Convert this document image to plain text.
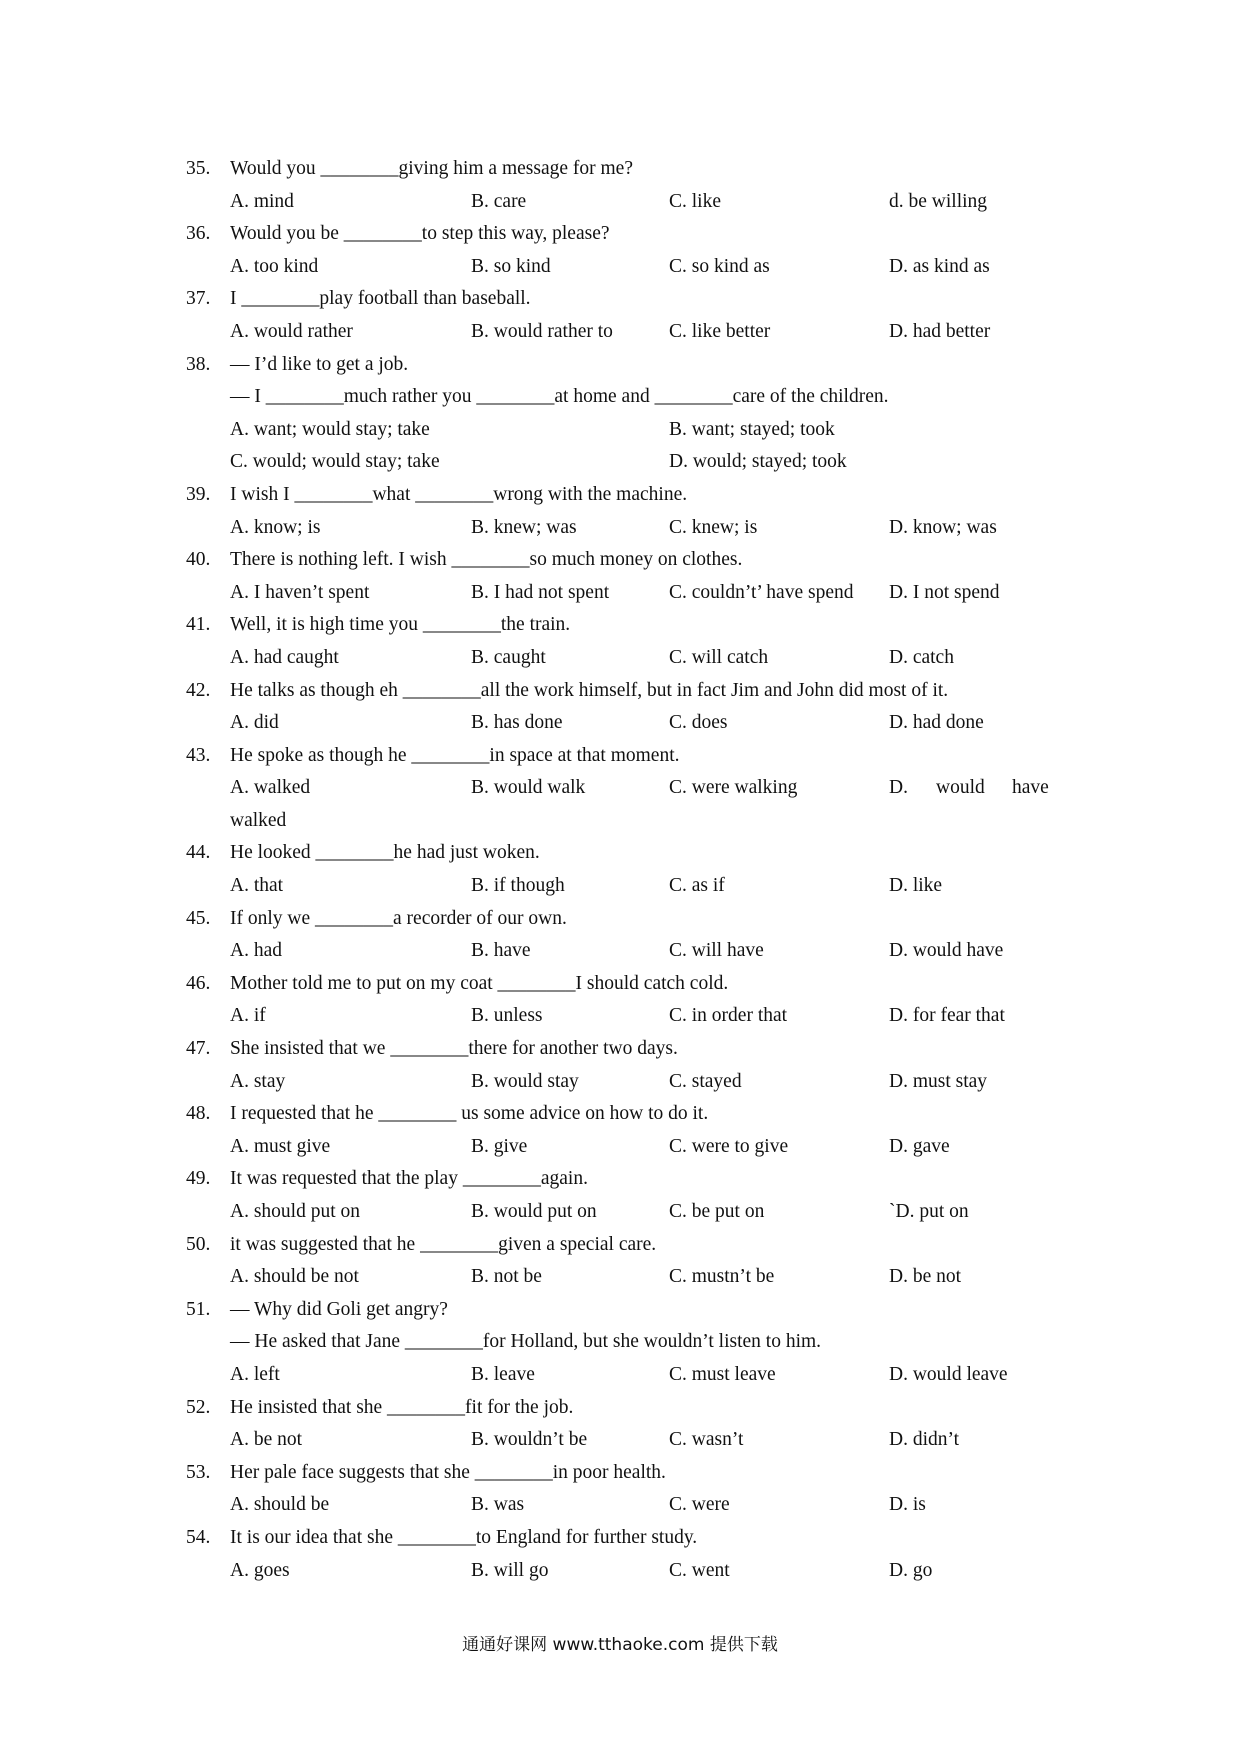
35. Would you ________giving him a message for me?
A. mind	B. care	C. like	d. be willing
36. Would you be ________to step this way, please?
A. too kind	B. so kind	C. so kind as	D. as kind as
37. I ________play football than baseball.
A. would rather	B. would rather to	C. like better	D. had better
38. — I’d like to get a job.
— I ________much rather you ________at home and ________care of the children.
A. want; would stay; take	B. want; stayed; took
C. would; would stay; take	D. would; stayed; took
39. I wish I ________what ________wrong with the machine.
A. know; is	B. knew; was	C. knew; is	D. know; was
40. There is nothing left. I wish ________so much money on clothes.
A. I haven’t spent	B. I had not spent	C. couldn’t’ have spend D. I not spend
41. Well, it is high time you ________the train.
A. had caught	B. caught	C. will catch	D. catch
42. He talks as though eh ________all the work himself, but in fact Jim and John did most of it.
A. did	B. has done	C. does	D. had done
43. He spoke as though he ________in space at that moment.
A. walked	B. would walk	C. were walking	D. would have
walked
44. He looked ________he had just woken.
A. that	B. if though	C. as if	D. like
45. If only we ________a recorder of our own.
A. had	B. have	C. will have	D. would have
46. Mother told me to put on my coat ________I should catch cold.
A. if	B. unless	C. in order that	D. for fear that
47. She insisted that we ________there for another two days.
A. stay	B. would stay	C. stayed	D. must stay
48. I requested that he ________ us some advice on how to do it.
A. must give	B. give	C. were to give	D. gave
49. It was requested that the play ________again.
A. should put on	B. would put on	C. be put on	`D. put on
50. it was suggested that he ________given a special care.
A. should be not	B. not be	C. mustn’t be	D. be not
51. — Why did Goli get angry?
— He asked that Jane ________for Holland, but she wouldn’t listen to him.
A. left	B. leave	C. must leave	D. would leave
52. He insisted that she ________fit for the job.
A. be not	B. wouldn’t be	C. wasn’t	D. didn’t
53. Her pale face suggests that she ________in poor health.
A. should be	B. was	C. were	D. is
54. It is our idea that she ________to England for further study.
A. goes	B. will go	C. went	D. go
通通好课网 www.tthaoke.com 提供下载
